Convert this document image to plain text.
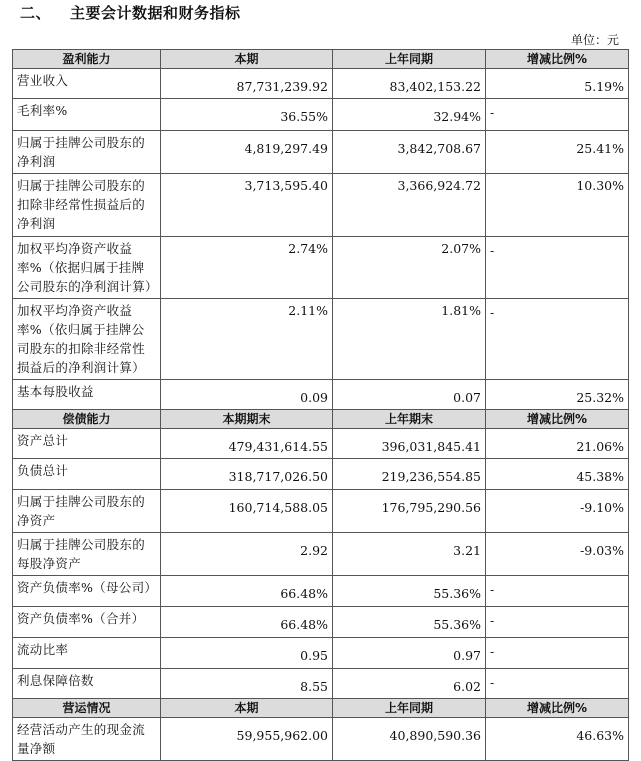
二、 主要会计数据和财务指标
单位：元
盈利能力	本期	上年同期	增减比例%
营业收入	87,731,239.92	83,402,153.22	5.19%
毛利率%	36.55%	32.94%	-
归属于挂牌公司股东的净利润	4,819,297.49	3,842,708.67	25.41%
归属于挂牌公司股东的扣除非经常性损益后的净利润	3,713,595.40	3,366,924.72	10.30%
加权平均净资产收益率%（依据归属于挂牌公司股东的净利润计算）	2.74%	2.07%	-
加权平均净资产收益率%（依归属于挂牌公司股东的扣除非经常性损益后的净利润计算）	2.11%	1.81%	-
基本每股收益	0.09	0.07	25.32%
偿债能力	本期期末	上年期末	增减比例%
资产总计	479,431,614.55	396,031,845.41	21.06%
负债总计	318,717,026.50	219,236,554.85	45.38%
归属于挂牌公司股东的净资产	160,714,588.05	176,795,290.56	-9.10%
归属于挂牌公司股东的每股净资产	2.92	3.21	-9.03%
资产负债率%（母公司）	66.48%	55.36%	-
资产负债率%（合并）	66.48%	55.36%	-
流动比率	0.95	0.97	-
利息保障倍数	8.55	6.02	-
营运情况	本期	上年同期	增减比例%
经营活动产生的现金流量净额	59,955,962.00	40,890,590.36	46.63%
